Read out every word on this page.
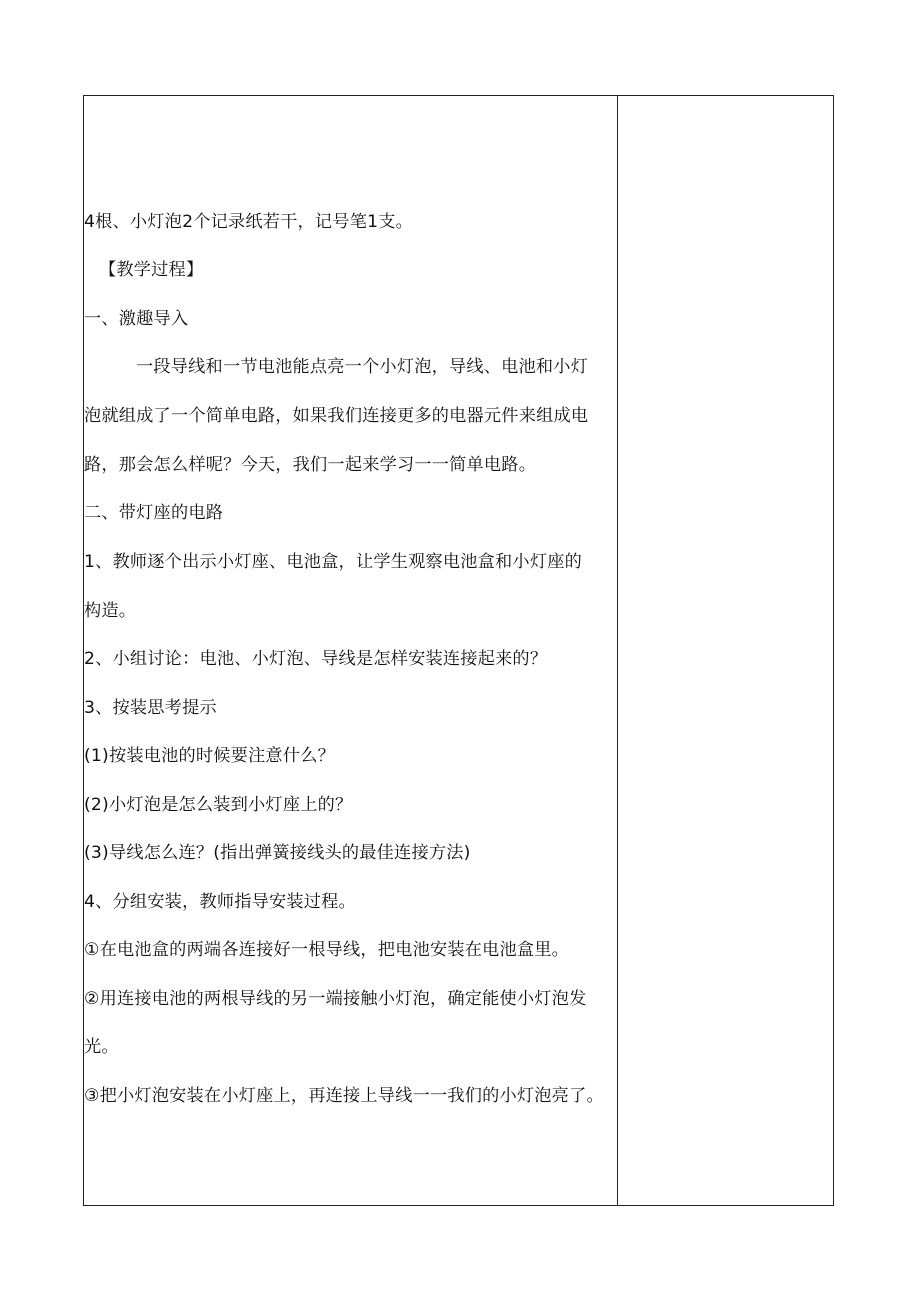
4根、小灯泡2个记录纸若干，记号笔1支。
【教学过程】
一、激趣导入
一段导线和一节电池能点亮一个小灯泡，导线、电池和小灯
泡就组成了一个简单电路，如果我们连接更多的电器元件来组成电
路，那会怎么样呢？今天，我们一起来学习一一简单电路。
二、带灯座的电路
1、教师逐个出示小灯座、电池盒，让学生观察电池盒和小灯座的
构造。
2、小组讨论：电池、小灯泡、导线是怎样安装连接起来的？
3、按装思考提示
(1)按装电池的时候要注意什么？
(2)小灯泡是怎么装到小灯座上的？
(3)导线怎么连？(指出弹簧接线头的最佳连接方法)
4、分组安装，教师指导安装过程。
①在电池盒的两端各连接好一根导线，把电池安装在电池盒里。
②用连接电池的两根导线的另一端接触小灯泡，确定能使小灯泡发
光。
③把小灯泡安装在小灯座上，再连接上导线一一我们的小灯泡亮了。
